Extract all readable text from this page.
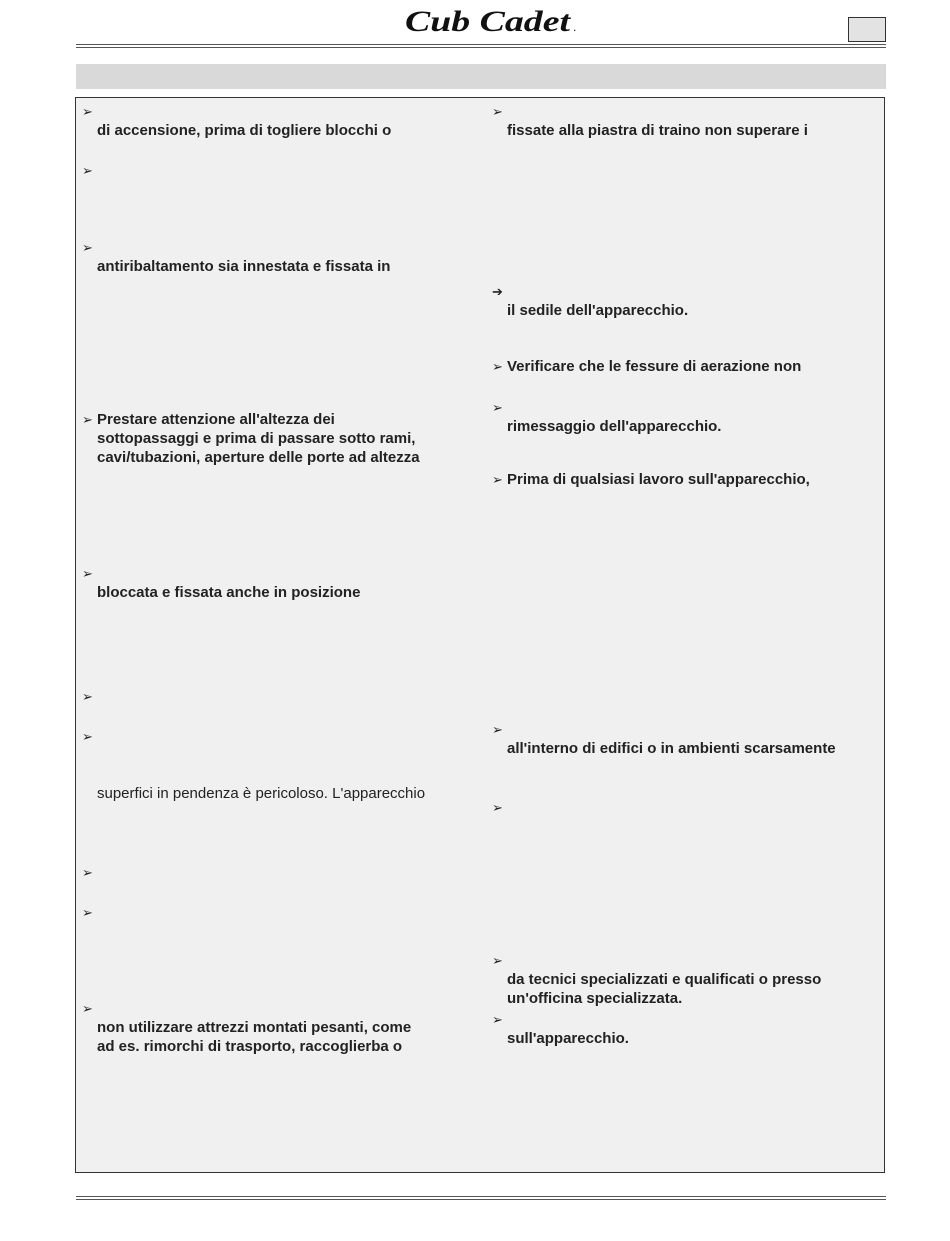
Cub Cadet .
➢
di accensione, prima di togliere blocchi o
➢
➢
antiribaltamento sia innestata e fissata in
➢ Prestare attenzione all'altezza dei
sottopassaggi e prima di passare sotto rami,
cavi/tubazioni, aperture delle porte ad altezza
➢
bloccata e fissata anche in posizione
➢
➢
superfici in pendenza è pericoloso. L'apparecchio
➢
➢
➢
non utilizzare attrezzi montati pesanti, come
ad es. rimorchi di trasporto, raccoglierba o
➢
fissate alla piastra di traino non superare i
➔
il sedile dell'apparecchio.
➢ Verificare che le fessure di aerazione non
➢
rimessaggio dell'apparecchio.
➢ Prima di qualsiasi lavoro sull'apparecchio,
➢
all'interno di edifici o in ambienti scarsamente
➢
➢
da tecnici specializzati e qualificati o presso
un'officina specializzata.
➢
sull'apparecchio.
